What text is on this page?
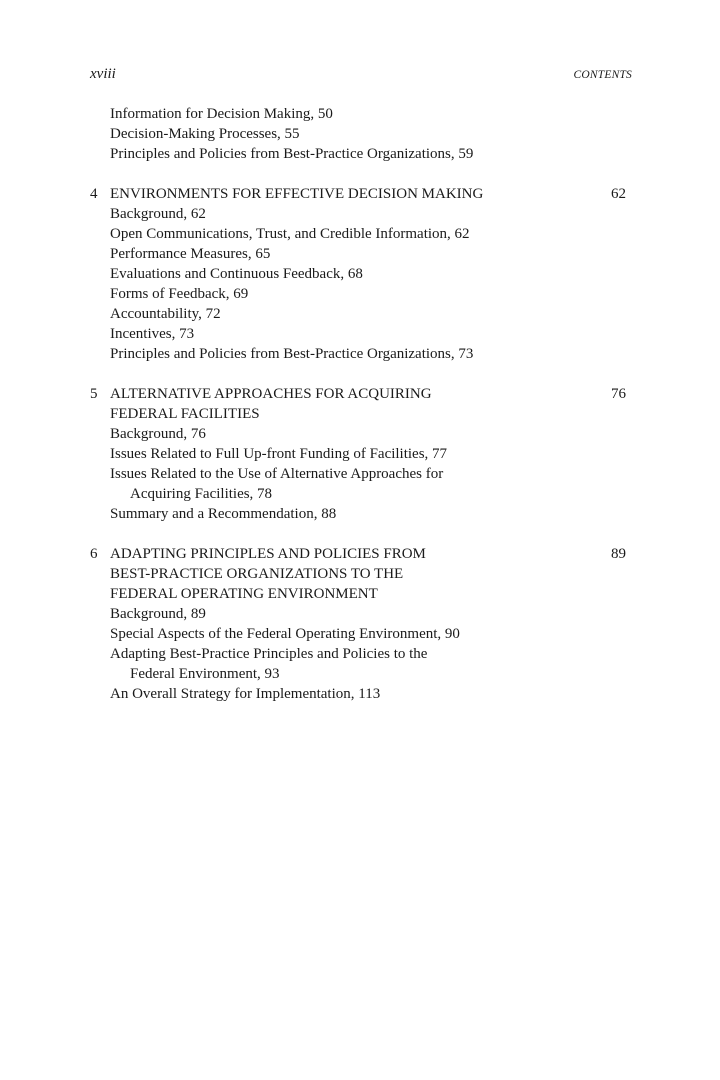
xviii	CONTENTS
Information for Decision Making, 50
Decision-Making Processes, 55
Principles and Policies from Best-Practice Organizations, 59
4 ENVIRONMENTS FOR EFFECTIVE DECISION MAKING	62
Background, 62
Open Communications, Trust, and Credible Information, 62
Performance Measures, 65
Evaluations and Continuous Feedback, 68
Forms of Feedback, 69
Accountability, 72
Incentives, 73
Principles and Policies from Best-Practice Organizations, 73
5 ALTERNATIVE APPROACHES FOR ACQUIRING
FEDERAL FACILITIES
76
Background, 76
Issues Related to Full Up-front Funding of Facilities, 77
Issues Related to the Use of Alternative Approaches for
Acquiring Facilities, 78
Summary and a Recommendation, 88
6 ADAPTING PRINCIPLES AND POLICIES FROM
BEST-PRACTICE ORGANIZATIONS TO THE
FEDERAL OPERATING ENVIRONMENT
89
Background, 89
Special Aspects of the Federal Operating Environment, 90
Adapting Best-Practice Principles and Policies to the
Federal Environment, 93
An Overall Strategy for Implementation, 113
